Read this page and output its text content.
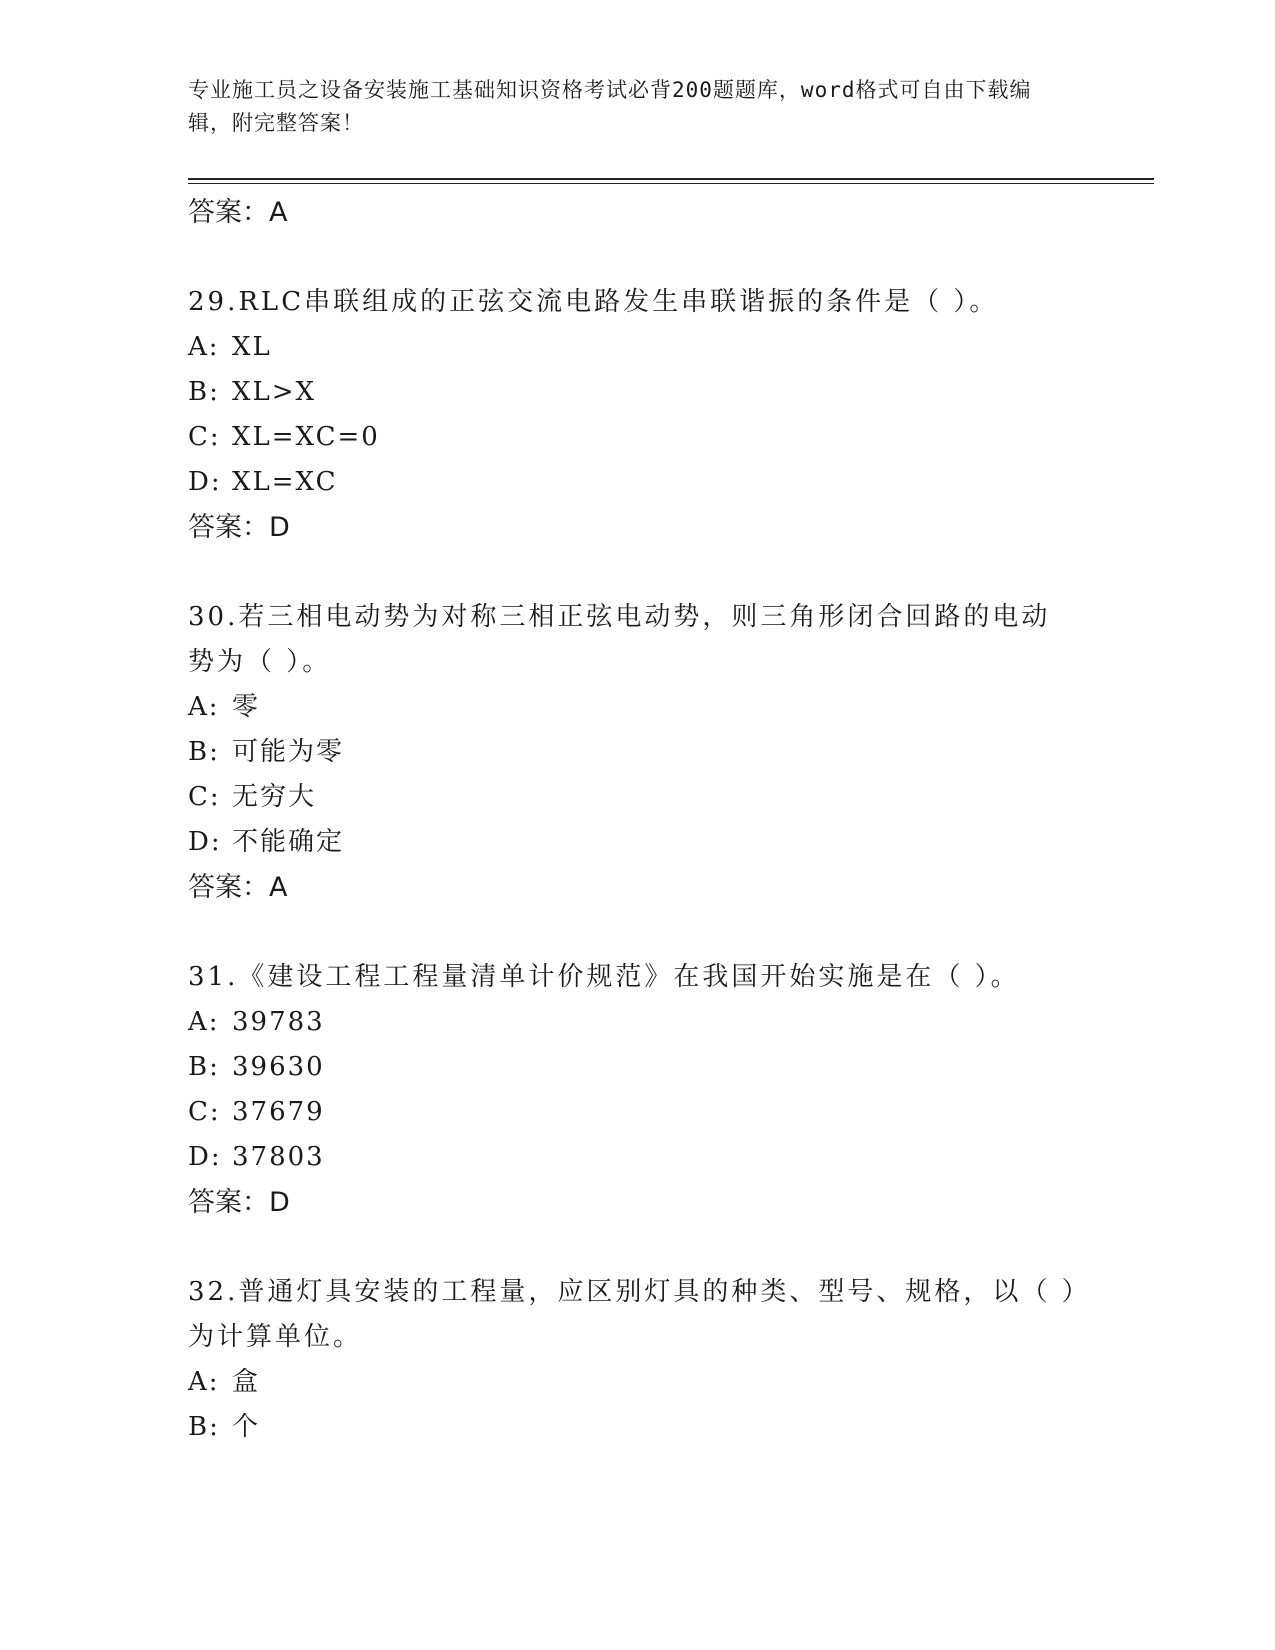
专业施工员之设备安装施工基础知识资格考试必背200题题库，word格式可自由下载编辑，附完整答案！
答案：A
29.RLC串联组成的正弦交流电路发生串联谐振的条件是（ ）。
A: XL
B: XL>X
C: XL=XC=0
D: XL=XC
答案：D
30.若三相电动势为对称三相正弦电动势，则三角形闭合回路的电动势为（ ）。
A: 零
B: 可能为零
C: 无穷大
D: 不能确定
答案：A
31.《建设工程工程量清单计价规范》在我国开始实施是在（ ）。
A: 39783
B: 39630
C: 37679
D: 37803
答案：D
32.普通灯具安装的工程量，应区别灯具的种类、型号、规格，以（ ）为计算单位。
A: 盒
B: 个
